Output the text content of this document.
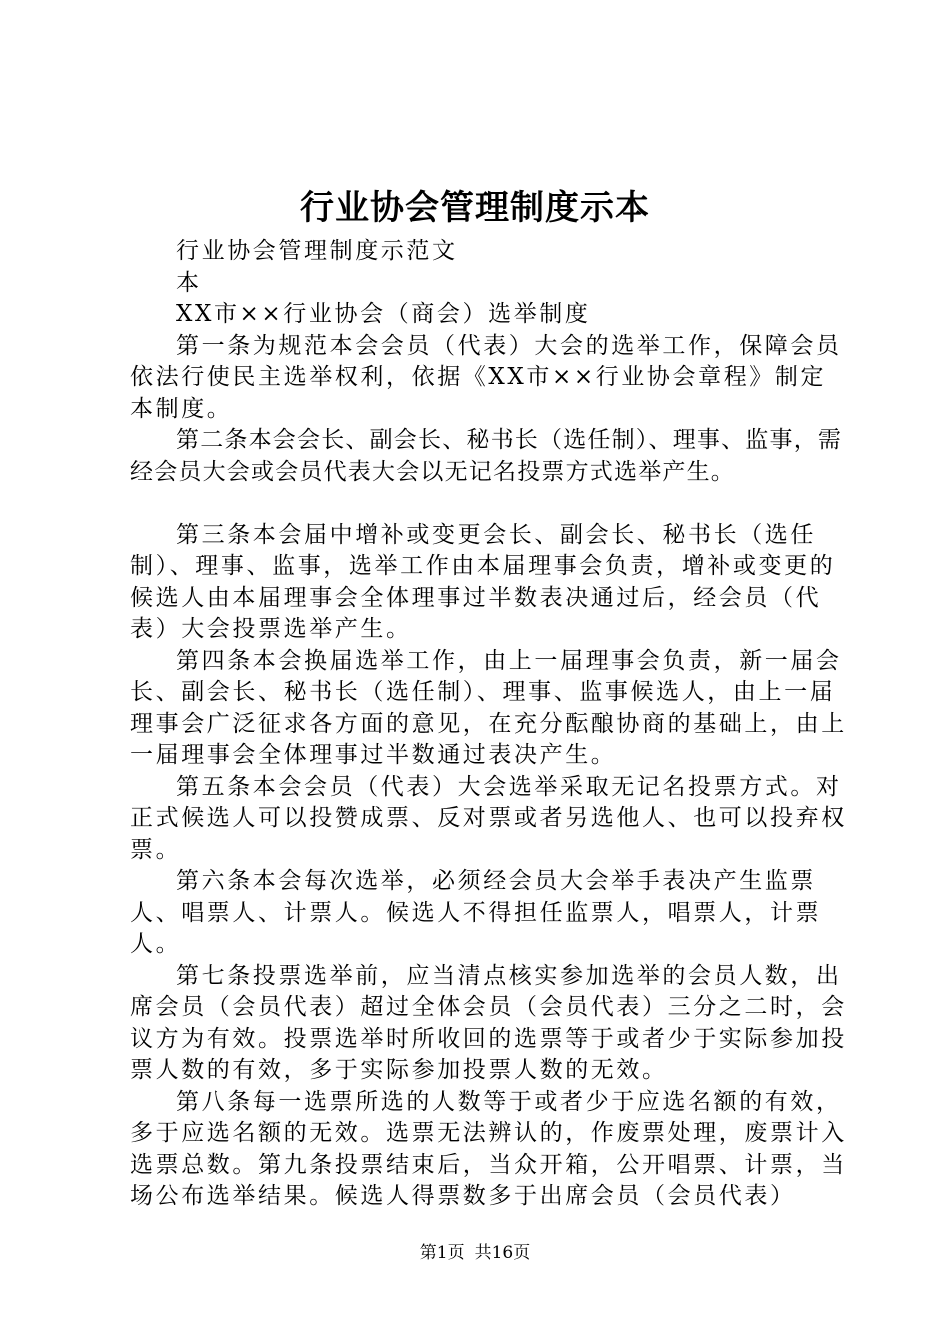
行业协会管理制度示本

行业协会管理制度示范文

本

XX市××行业协会（商会）选举制度

第一条为规范本会会员（代表）大会的选举工作，保障会员依法行使民主选举权利，依据《XX市××行业协会章程》制定本制度。

第二条本会会长、副会长、秘书长（选任制）、理事、监事，需经会员大会或会员代表大会以无记名投票方式选举产生。

第三条本会届中增补或变更会长、副会长、秘书长（选任制）、理事、监事，选举工作由本届理事会负责，增补或变更的候选人由本届理事会全体理事过半数表决通过后，经会员（代表）大会投票选举产生。

第四条本会换届选举工作，由上一届理事会负责，新一届会长、副会长、秘书长（选任制）、理事、监事候选人，由上一届理事会广泛征求各方面的意见，在充分酝酿协商的基础上，由上一届理事会全体理事过半数通过表决产生。

第五条本会会员（代表）大会选举采取无记名投票方式。对正式候选人可以投赞成票、反对票或者另选他人、也可以投弃权票。

第六条本会每次选举，必须经会员大会举手表决产生监票人、唱票人、计票人。候选人不得担任监票人，唱票人，计票人。

第七条投票选举前，应当清点核实参加选举的会员人数，出席会员（会员代表）超过全体会员（会员代表）三分之二时，会议方为有效。投票选举时所收回的选票等于或者少于实际参加投票人数的有效，多于实际参加投票人数的无效。

第八条每一选票所选的人数等于或者少于应选名额的有效，多于应选名额的无效。选票无法辨认的，作废票处理，废票计入选票总数。第九条投票结束后，当众开箱，公开唱票、计票，当场公布选举结果。候选人得票数多于出席会员（会员代表）

第1页 共16页
